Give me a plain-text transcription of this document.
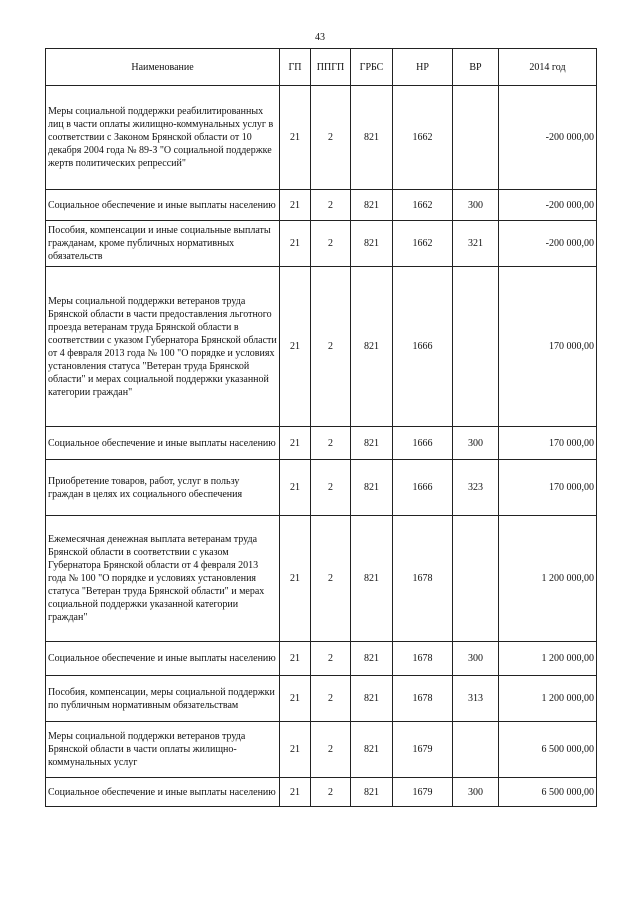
43
Наименование	ГП	ППГП	ГРБС	НР	ВР	2014 год
Меры социальной поддержки реабилитированных лиц в части оплаты жилищно-коммунальных услуг в соответствии с Законом Брянской области от 10 декабря 2004 года № 89-З "О социальной поддержке жертв политических репрессий"	21	2	821	1662		-200 000,00
Социальное обеспечение и иные выплаты населению	21	2	821	1662	300	-200 000,00
Пособия, компенсации и иные социальные выплаты гражданам, кроме публичных нормативных обязательств	21	2	821	1662	321	-200 000,00
Меры социальной поддержки ветеранов труда Брянской области в части предоставления льготного проезда ветеранам труда Брянской области в соответствии с указом Губернатора Брянской области от 4 февраля 2013 года № 100 "О порядке и условиях установления статуса "Ветеран труда Брянской области" и мерах социальной поддержки указанной категории граждан"	21	2	821	1666		170 000,00
Социальное обеспечение и иные выплаты населению	21	2	821	1666	300	170 000,00
Приобретение товаров, работ, услуг в пользу граждан в целях их социального обеспечения	21	2	821	1666	323	170 000,00
Ежемесячная денежная выплата ветеранам труда Брянской области в соответствии с указом Губернатора Брянской области от 4 февраля 2013 года № 100 "О порядке и условиях установления статуса "Ветеран труда Брянской области" и мерах социальной поддержки указанной категории граждан"	21	2	821	1678		1 200 000,00
Социальное обеспечение и иные выплаты населению	21	2	821	1678	300	1 200 000,00
Пособия, компенсации, меры социальной поддержки по публичным нормативным обязательствам	21	2	821	1678	313	1 200 000,00
Меры социальной поддержки ветеранов труда Брянской области в части оплаты жилищно-коммунальных услуг	21	2	821	1679		6 500 000,00
Социальное обеспечение и иные выплаты населению	21	2	821	1679	300	6 500 000,00
